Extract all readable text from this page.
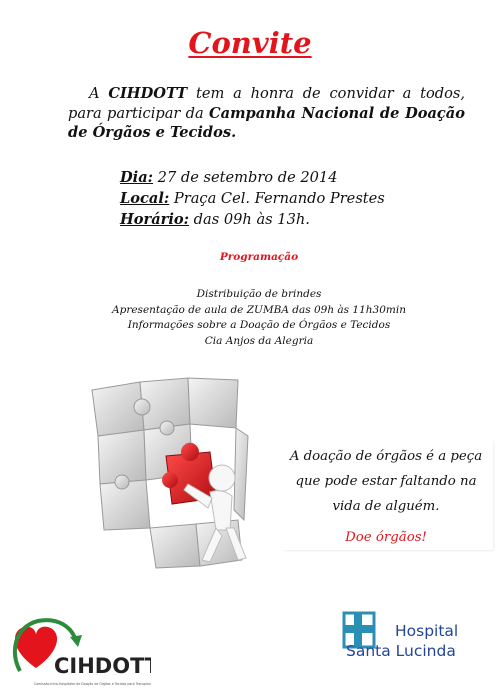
Convite
A CIHDOTT tem a honra de convidar a todos, para participar da Campanha Nacional de Doação de Órgãos e Tecidos.
Dia: 27 de setembro de 2014
Local: Praça Cel. Fernando Prestes
Horário: das 09h às 13h.
Programação
Distribuição de brindes
Apresentação de aula de ZUMBA das 09h às 11h30min
Informações sobre a Doação de Órgãos e Tecidos
Cia Anjos da Alegria
A doação de órgãos é a peça que pode estar faltando na vida de alguém.
Doe órgãos!
CIHDOTT
Comissão Intra-Hospitalar de Doação de Órgãos e Tecidos para Transplante
Hospital
Santa Lucinda
